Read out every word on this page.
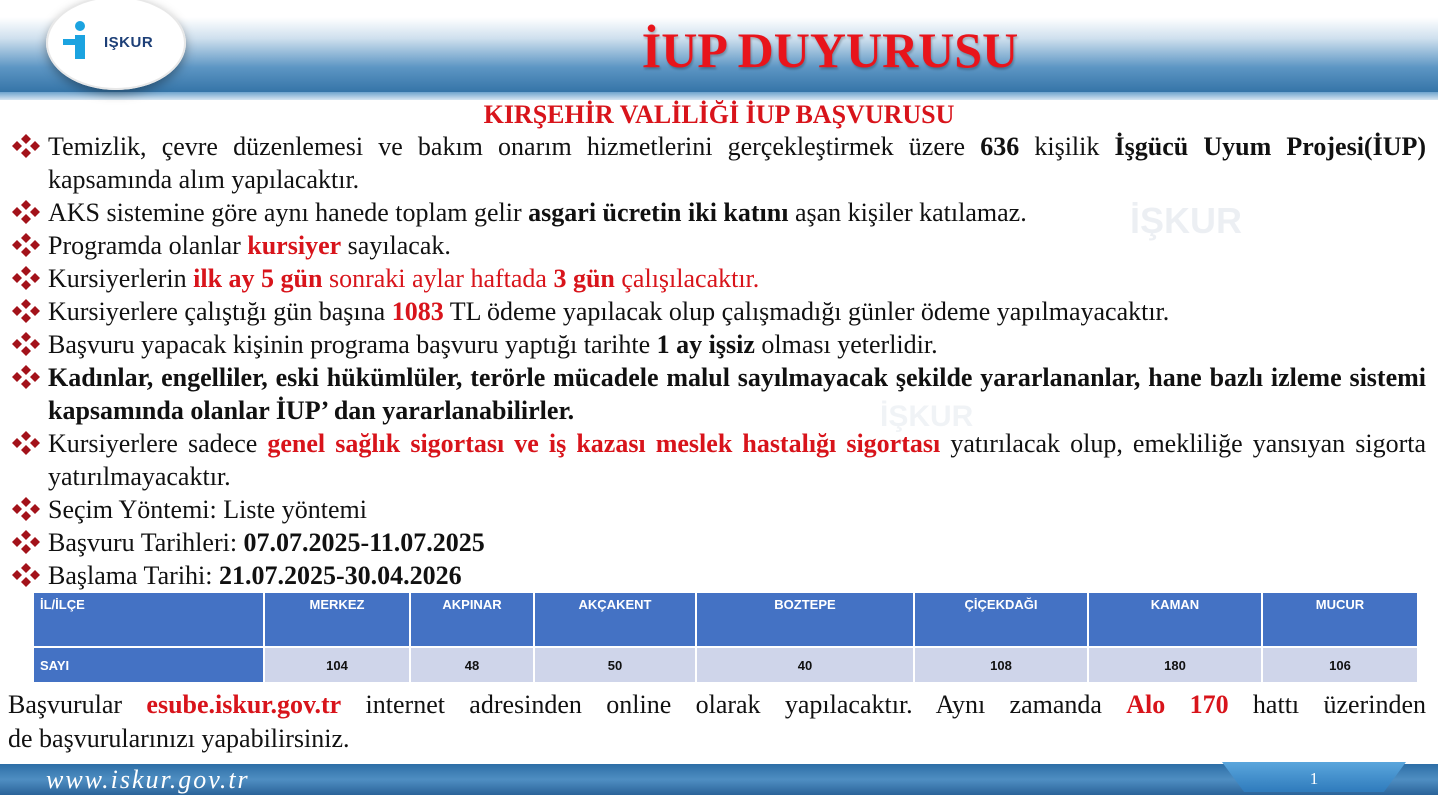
IŞKUR	İUP DUYURUSU
KIRŞEHİR VALİLİĞİ İUP BAŞVURUSU
İŞKUR
İŞKUR
Temizlik, çevre düzenlemesi ve bakım onarım hizmetlerini gerçekleştirmek üzere 636 kişilik İşgücü Uyum Projesi(İUP) kapsamında alım yapılacaktır.
AKS sistemine göre aynı hanede toplam gelir asgari ücretin iki katını aşan kişiler katılamaz.
Programda olanlar kursiyer sayılacak.
Kursiyerlerin ilk ay 5 gün sonraki aylar haftada 3 gün çalışılacaktır.
Kursiyerlere çalıştığı gün başına 1083 TL ödeme yapılacak olup çalışmadığı günler ödeme yapılmayacaktır.
Başvuru yapacak kişinin programa başvuru yaptığı tarihte 1 ay işsiz olması yeterlidir.
Kadınlar, engelliler, eski hükümlüler, terörle mücadele malul sayılmayacak şekilde yararlananlar, hane bazlı izleme sistemi kapsamında olanlar İUP’ dan yararlanabilirler.
Kursiyerlere sadece genel sağlık sigortası ve iş kazası meslek hastalığı sigortası yatırılacak olup, emekliliğe yansıyan sigorta yatırılmayacaktır.
Seçim Yöntemi: Liste yöntemi
Başvuru Tarihleri: 07.07.2025-11.07.2025
Başlama Tarihi: 21.07.2025-30.04.2026
İL/İLÇE	MERKEZ	AKPINAR	AKÇAKENT	BOZTEPE	ÇİÇEKDAĞI	KAMAN	MUCUR
SAYI	104	48	50	40	108	180	106
Başvurular esube.iskur.gov.tr internet adresinden online olarak yapılacaktır. Aynı zamanda Alo 170 hattı üzerinden
de başvurularınızı yapabilirsiniz.
www.iskur.gov.tr	1
